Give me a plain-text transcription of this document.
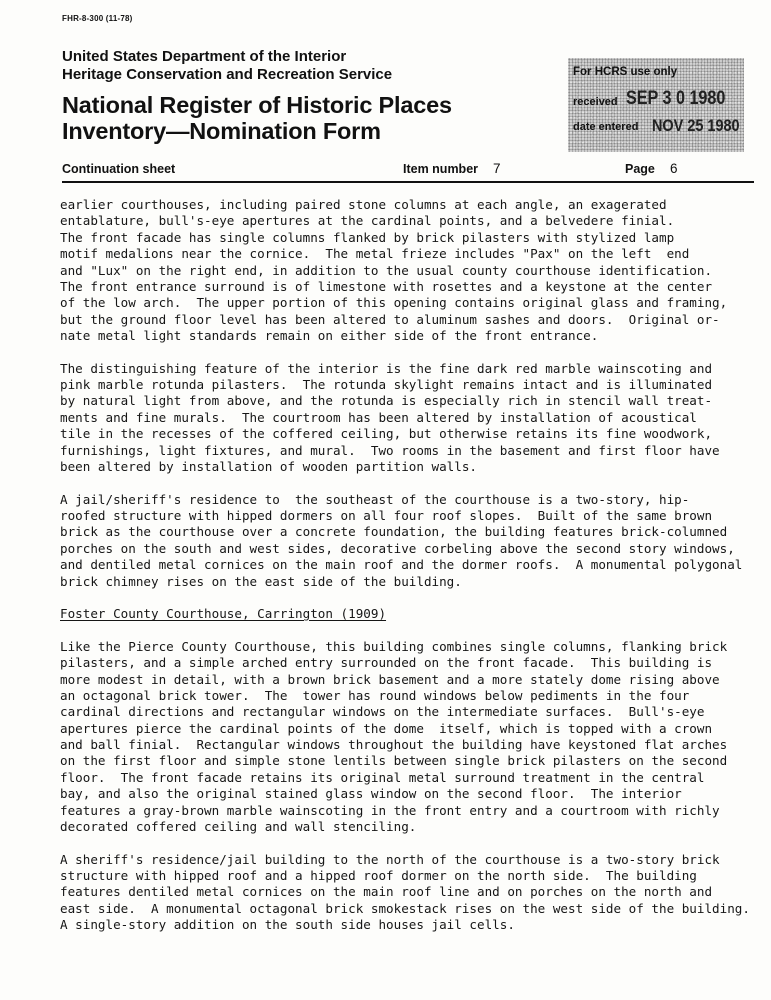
FHR-8-300 (11-78)
United States Department of the Interior
Heritage Conservation and Recreation Service
National Register of Historic Places
Inventory—Nomination Form
For HCRS use only
received SEP 3 0 1980
date entered NOV 25 1980
Continuation sheet	Item number 7	Page 6
earlier courthouses, including paired stone columns at each angle, an exagerated
entablature, bull's-eye apertures at the cardinal points, and a belvedere finial.
The front facade has single columns flanked by brick pilasters with stylized lamp
motif medalions near the cornice.  The metal frieze includes "Pax" on the left  end
and "Lux" on the right end, in addition to the usual county courthouse identification.
The front entrance surround is of limestone with rosettes and a keystone at the center
of the low arch.  The upper portion of this opening contains original glass and framing,
but the ground floor level has been altered to aluminum sashes and doors.  Original or-
nate metal light standards remain on either side of the front entrance.
The distinguishing feature of the interior is the fine dark red marble wainscoting and
pink marble rotunda pilasters.  The rotunda skylight remains intact and is illuminated
by natural light from above, and the rotunda is especially rich in stencil wall treat-
ments and fine murals.  The courtroom has been altered by installation of acoustical
tile in the recesses of the coffered ceiling, but otherwise retains its fine woodwork,
furnishings, light fixtures, and mural.  Two rooms in the basement and first floor have
been altered by installation of wooden partition walls.
A jail/sheriff's residence to  the southeast of the courthouse is a two-story, hip-
roofed structure with hipped dormers on all four roof slopes.  Built of the same brown
brick as the courthouse over a concrete foundation, the building features brick-columned
porches on the south and west sides, decorative corbeling above the second story windows,
and dentiled metal cornices on the main roof and the dormer roofs.  A monumental polygonal
brick chimney rises on the east side of the building.
Foster County Courthouse, Carrington (1909)
Like the Pierce County Courthouse, this building combines single columns, flanking brick
pilasters, and a simple arched entry surrounded on the front facade.  This building is
more modest in detail, with a brown brick basement and a more stately dome rising above
an octagonal brick tower.  The  tower has round windows below pediments in the four
cardinal directions and rectangular windows on the intermediate surfaces.  Bull's-eye
apertures pierce the cardinal points of the dome  itself, which is topped with a crown
and ball finial.  Rectangular windows throughout the building have keystoned flat arches
on the first floor and simple stone lentils between single brick pilasters on the second
floor.  The front facade retains its original metal surround treatment in the central
bay, and also the original stained glass window on the second floor.  The interior
features a gray-brown marble wainscoting in the front entry and a courtroom with richly
decorated coffered ceiling and wall stenciling.
A sheriff's residence/jail building to the north of the courthouse is a two-story brick
structure with hipped roof and a hipped roof dormer on the north side.  The building
features dentiled metal cornices on the main roof line and on porches on the north and
east side.  A monumental octagonal brick smokestack rises on the west side of the building.
A single-story addition on the south side houses jail cells.
